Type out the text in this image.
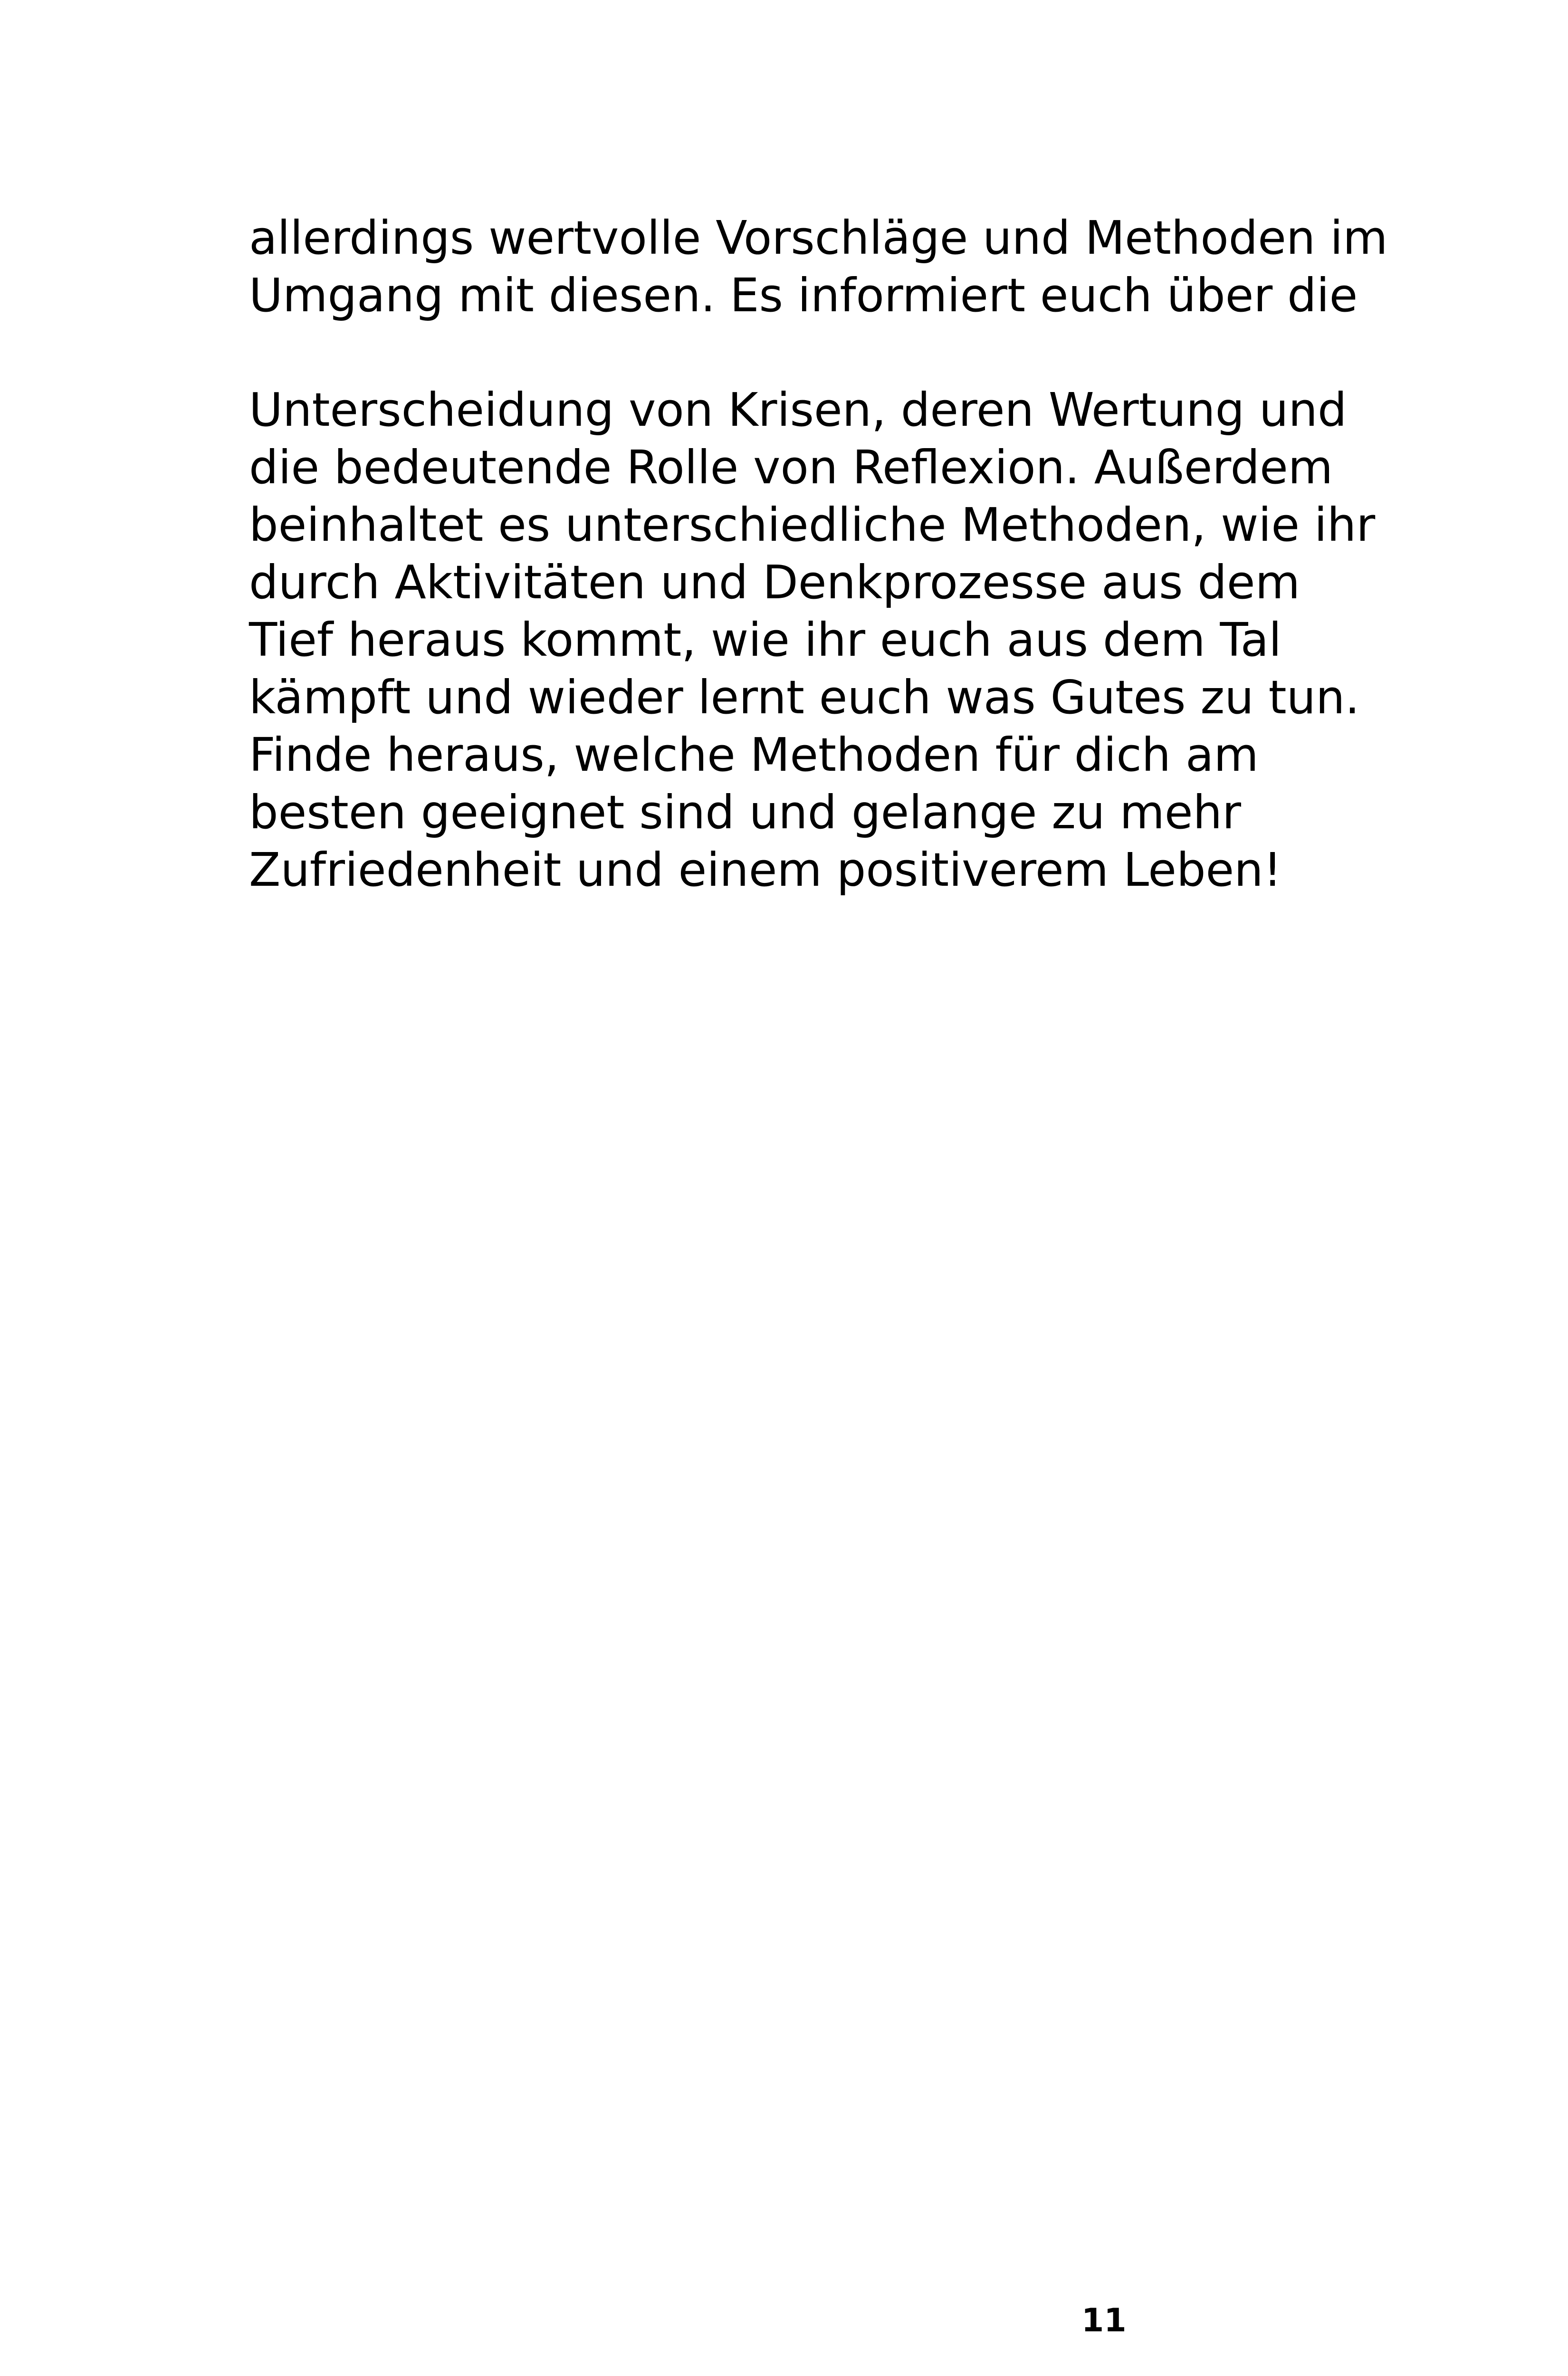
allerdings wertvolle Vorschläge und Methoden im
Umgang mit diesen. Es informiert euch über die
Unterscheidung von Krisen, deren Wertung und
die bedeutende Rolle von Reflexion. Außerdem
beinhaltet es unterschiedliche Methoden, wie ihr
durch Aktivitäten und Denkprozesse aus dem
Tief heraus kommt, wie ihr euch aus dem Tal
kämpft und wieder lernt euch was Gutes zu tun.
Finde heraus, welche Methoden für dich am
besten geeignet sind und gelange zu mehr
Zufriedenheit und einem positiverem Leben!
11
